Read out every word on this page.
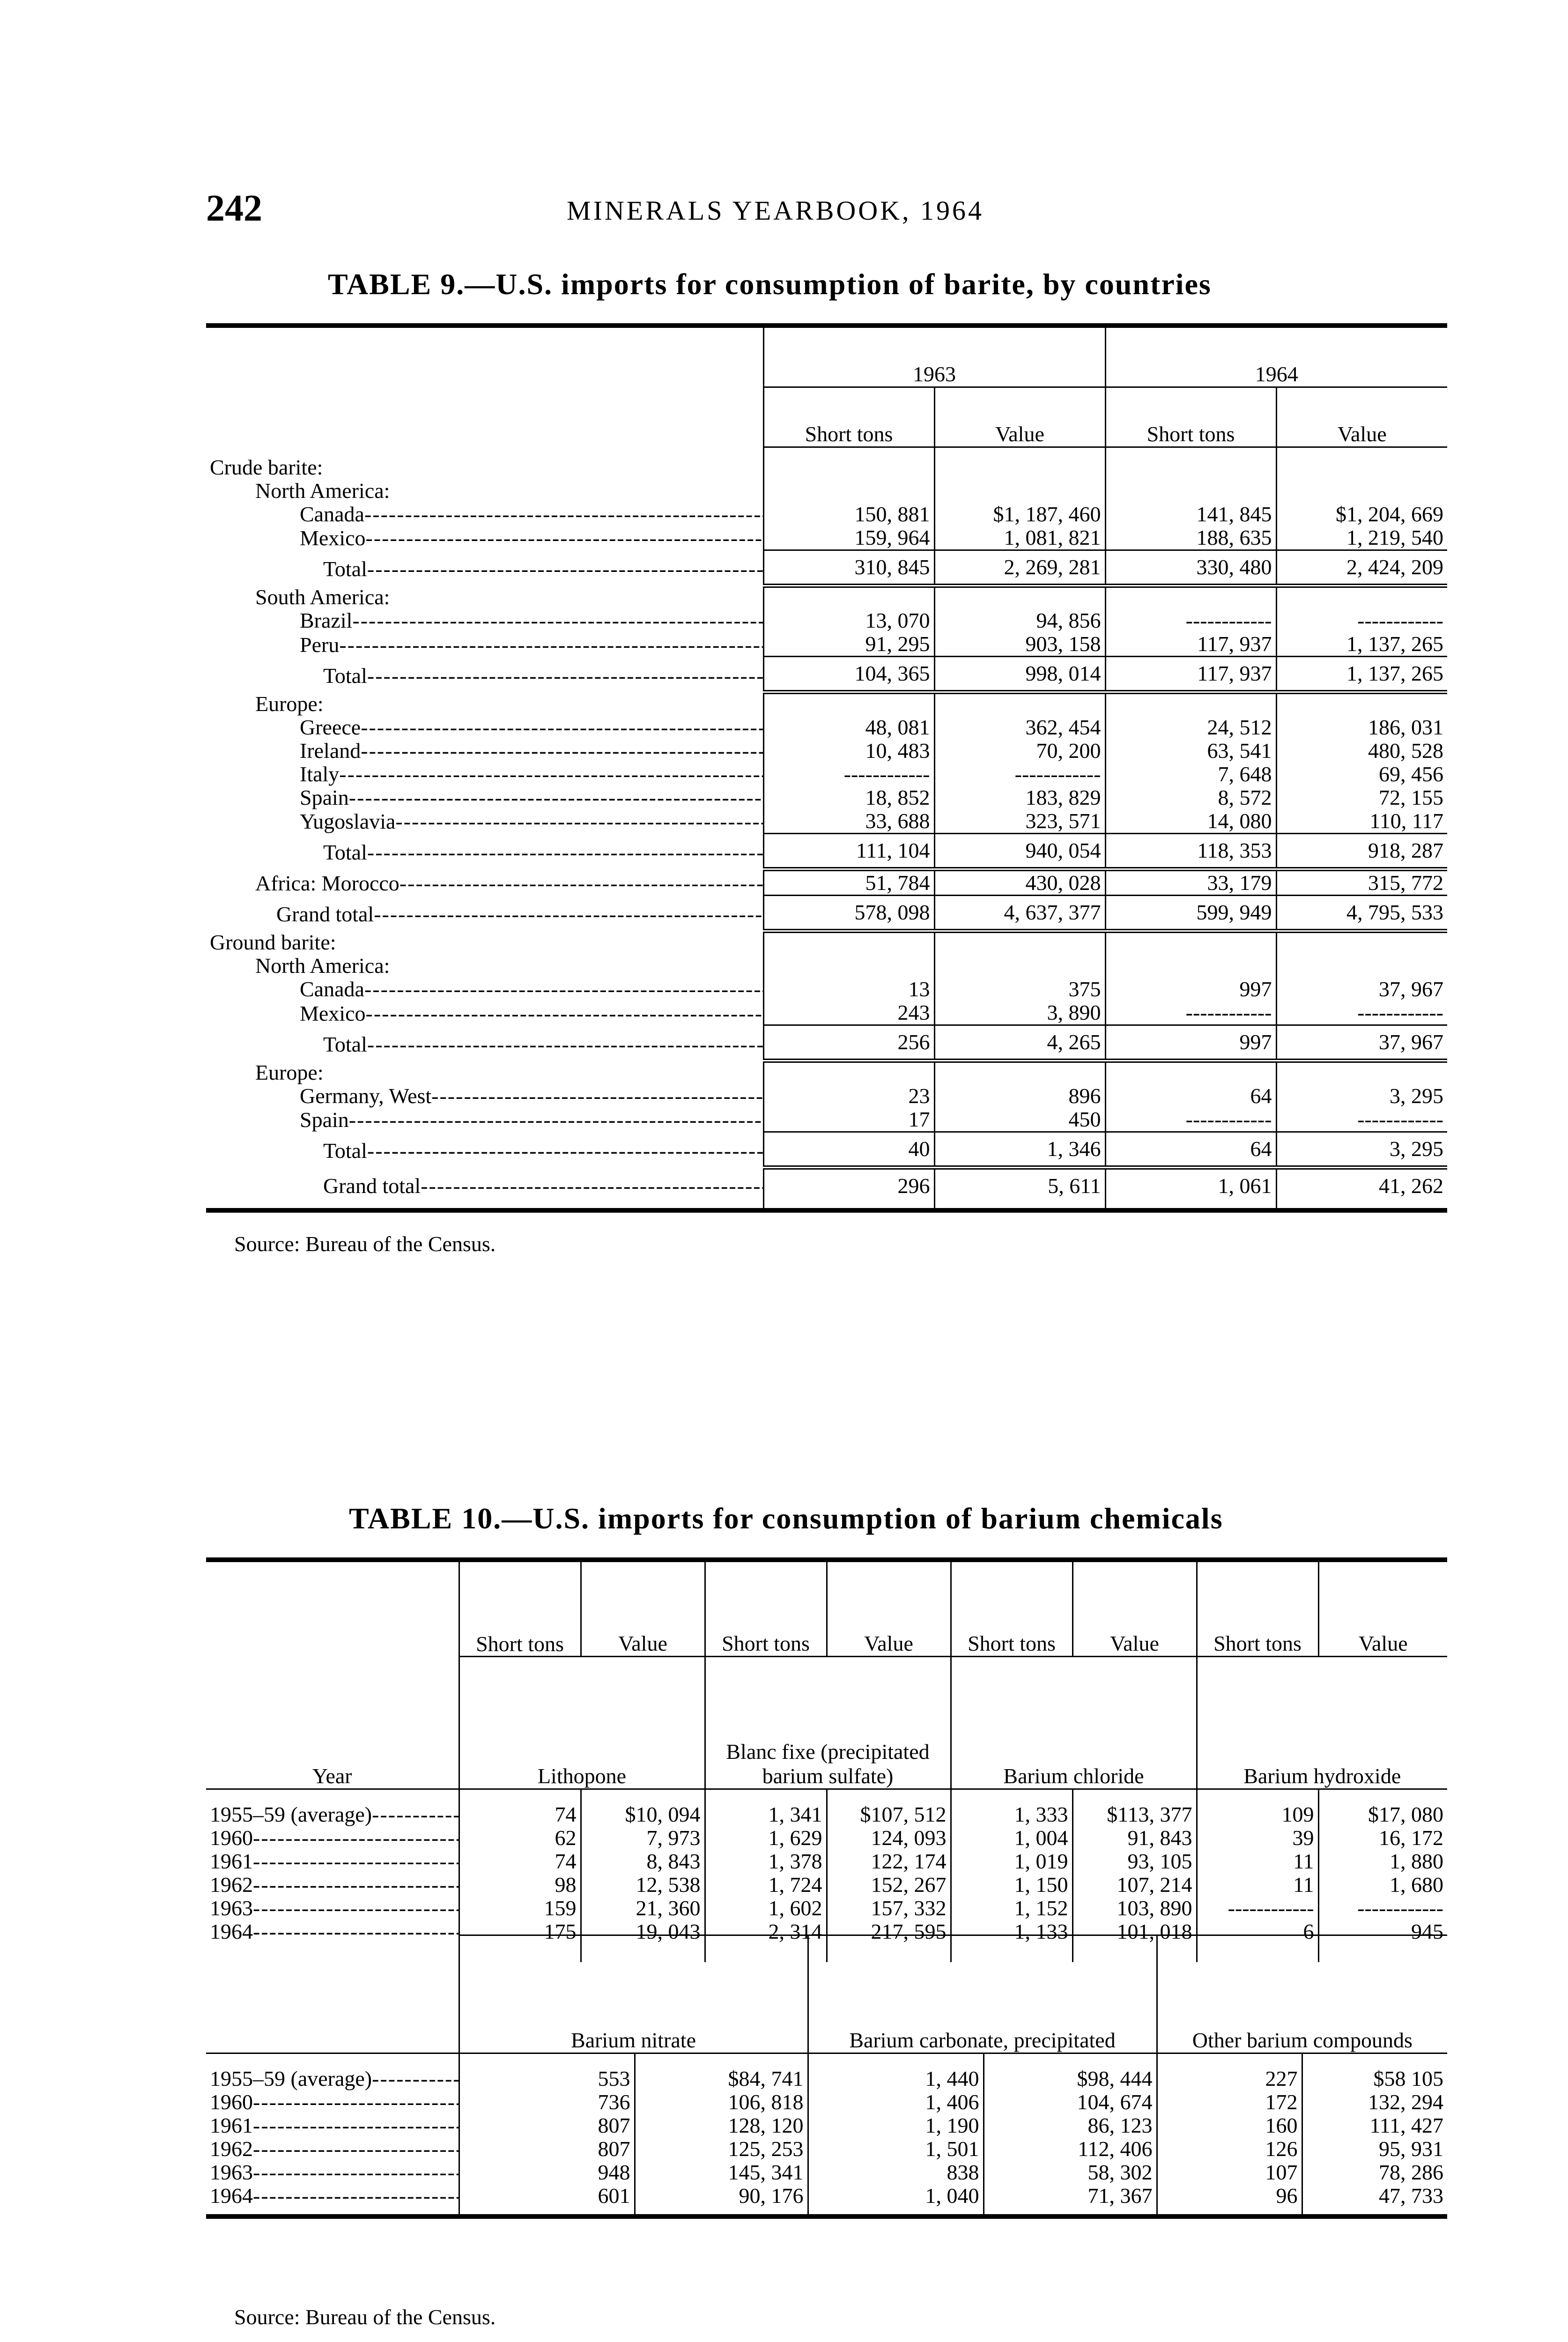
242	MINERALS YEARBOOK, 1964
TABLE 9.—U.S. imports for consumption of barite, by countries
	1963		1964	
	Short tons	Value	Short tons	Value
Crude barite:				
North America:				
Canada -----	150, 881	$1, 187, 460	141, 845	$1, 204, 669
Mexico -----	159, 964	1, 081, 821	188, 635	1, 219, 540
Total -----	310, 845	2, 269, 281	330, 480	2, 424, 209
South America:				
Brazil -----	13, 070	94, 856	------------	------------
Peru -----	91, 295	903, 158	117, 937	1, 137, 265
Total -----	104, 365	998, 014	117, 937	1, 137, 265
Europe:				
Greece -----	48, 081	362, 454	24, 512	186, 031
Ireland -----	10, 483	70, 200	63, 541	480, 528
Italy -----	------------	------------	7, 648	69, 456
Spain -----	18, 852	183, 829	8, 572	72, 155
Yugoslavia -----	33, 688	323, 571	14, 080	110, 117
Total -----	111, 104	940, 054	118, 353	918, 287
Africa: Morocco -----	51, 784	430, 028	33, 179	315, 772
Grand total -----	578, 098	4, 637, 377	599, 949	4, 795, 533
Ground barite:				
North America:				
Canada -----	13	375	997	37, 967
Mexico -----	243	3, 890	------------	------------
Total -----	256	4, 265	997	37, 967
Europe:				
Germany, West -----	23	896	64	3, 295
Spain -----	17	450	------------	------------
Total -----	40	1, 346	64	3, 295
Grand total -----	296	5, 611	1, 061	41, 262
Source: Bureau of the Census.
TABLE 10.—U.S. imports for consumption of barium chemicals
Year	Short tons	Value	Short tons	Value	Short tons	Value	Short tons	Value
	Lithopone		Blanc fixe (precipitated barium sulfate)		Barium chloride		Barium hydroxide	
1955–59 (average) -----	74	$10, 094	1, 341	$107, 512	1, 333	$113, 377	109	$17, 080
1960 -----	62	7, 973	1, 629	124, 093	1, 004	91, 843	39	16, 172
1961 -----	74	8, 843	1, 378	122, 174	1, 019	93, 105	11	1, 880
1962 -----	98	12, 538	1, 724	152, 267	1, 150	107, 214	11	1, 680
1963 -----	159	21, 360	1, 602	157, 332	1, 152	103, 890	------------	------------
1964 -----	175	19, 043	2, 314	217, 595	1, 133	101, 018	6	945
	Barium nitrate		Barium carbonate, precipitated		Other barium compounds	
1955–59 (average) -----	553	$84, 741	1, 440	$98, 444	227	$58 105
1960 -----	736	106, 818	1, 406	104, 674	172	132, 294
1961 -----	807	128, 120	1, 190	86, 123	160	111, 427
1962 -----	807	125, 253	1, 501	112, 406	126	95, 931
1963 -----	948	145, 341	838	58, 302	107	78, 286
1964 -----	601	90, 176	1, 040	71, 367	96	47, 733
Source: Bureau of the Census.
